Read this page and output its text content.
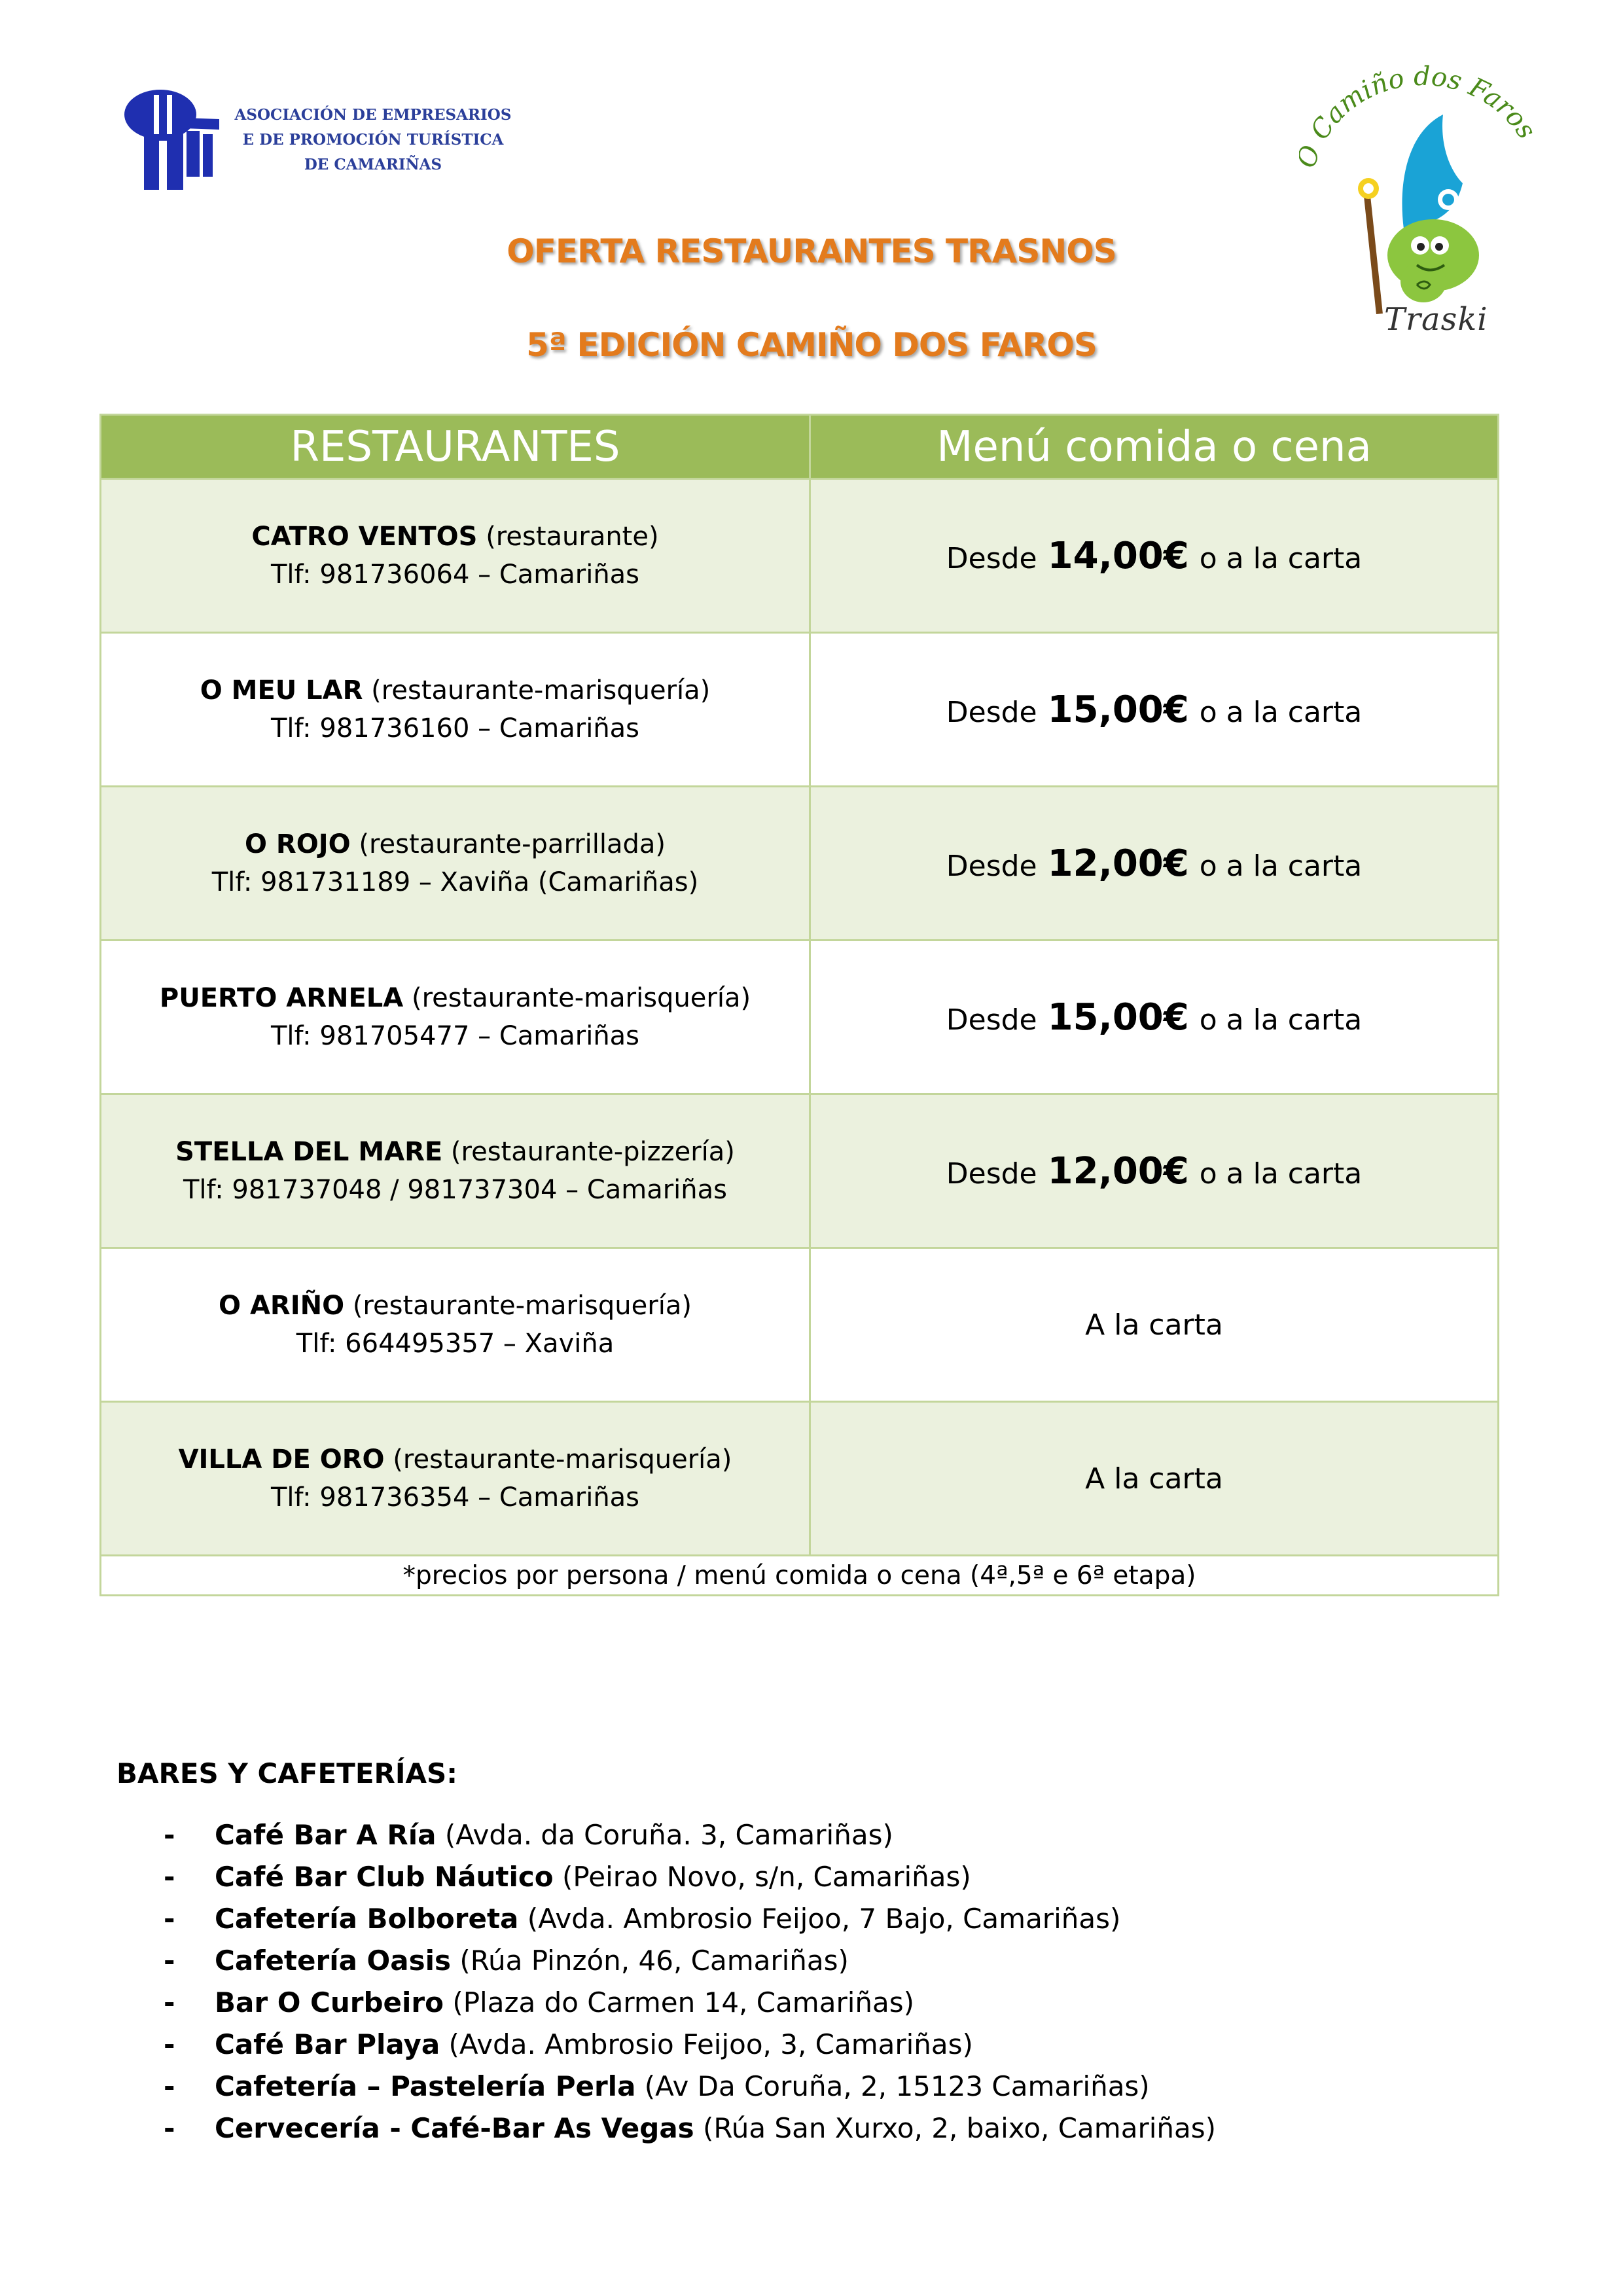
ASOCIACIÓN DE EMPRESARIOS
E DE PROMOCIÓN TURÍSTICA
DE CAMARIÑAS
Camiño dos Faros
Traski
OFERTA RESTAURANTES TRASNOS
5ª EDICIÓN CAMIÑO DOS FAROS
RESTAURANTES	Menú comida o cena

CATRO VENTOS (restaurante)
Tlf: 981736064 – Camariñas	Desde 14,00€ o a la carta

O MEU LAR (restaurante-marisquería)
Tlf: 981736160 – Camariñas	Desde 15,00€ o a la carta

O ROJO (restaurante-parrillada)
Tlf: 981731189 – Xaviña (Camariñas)	Desde 12,00€ o a la carta

PUERTO ARNELA (restaurante-marisquería)
Tlf: 981705477 – Camariñas	Desde 15,00€ o a la carta

STELLA DEL MARE (restaurante-pizzería)
Tlf: 981737048 / 981737304 – Camariñas	Desde 12,00€ o a la carta

O ARIÑO (restaurante-marisquería)
Tlf: 664495357 – Xaviña	A la carta

VILLA DE ORO (restaurante-marisquería)
Tlf: 981736354 – Camariñas	A la carta
*precios por persona / menú comida o cena (4ª,5ª e 6ª etapa)	
BARES Y CAFETERÍAS:
- Café Bar A Ría (Avda. da Coruña. 3, Camariñas)
- Café Bar Club Náutico (Peirao Novo, s/n, Camariñas)
- Cafetería Bolboreta (Avda. Ambrosio Feijoo, 7 Bajo, Camariñas)
- Cafetería Oasis (Rúa Pinzón, 46, Camariñas)
- Bar O Curbeiro (Plaza do Carmen 14, Camariñas)
- Café Bar Playa (Avda. Ambrosio Feijoo, 3, Camariñas)
- Cafetería – Pastelería Perla (Av Da Coruña, 2, 15123 Camariñas)
- Cervecería - Café-Bar As Vegas (Rúa San Xurxo, 2, baixo, Camariñas)
